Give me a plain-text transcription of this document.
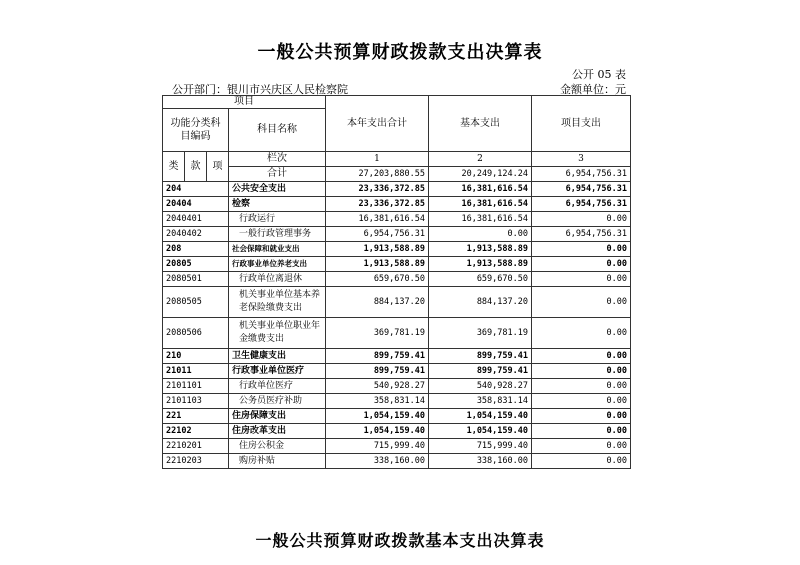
一般公共预算财政拨款支出决算表
公开 05 表
公开部门：银川市兴庆区人民检察院	金额单位：元
项目				本年支出合计	基本支出	项目支出
功能分类科目编码			科目名称			
类	款	项	栏次	1	2	3
			合计	27,203,880.55	20,249,124.24	6,954,756.31
204			公共安全支出	23,336,372.85	16,381,616.54	6,954,756.31
20404			检察	23,336,372.85	16,381,616.54	6,954,756.31
2040401			行政运行	16,381,616.54	16,381,616.54	0.00
2040402			一般行政管理事务	6,954,756.31	0.00	6,954,756.31
208			社会保障和就业支出	1,913,588.89	1,913,588.89	0.00
20805			行政事业单位养老支出	1,913,588.89	1,913,588.89	0.00
2080501			行政单位离退休	659,670.50	659,670.50	0.00
2080505			机关事业单位基本养老保险缴费支出	884,137.20	884,137.20	0.00
2080506			机关事业单位职业年金缴费支出	369,781.19	369,781.19	0.00
210			卫生健康支出	899,759.41	899,759.41	0.00
21011			行政事业单位医疗	899,759.41	899,759.41	0.00
2101101			行政单位医疗	540,928.27	540,928.27	0.00
2101103			公务员医疗补助	358,831.14	358,831.14	0.00
221			住房保障支出	1,054,159.40	1,054,159.40	0.00
22102			住房改革支出	1,054,159.40	1,054,159.40	0.00
2210201			住房公积金	715,999.40	715,999.40	0.00
2210203			购房补贴	338,160.00	338,160.00	0.00
一般公共预算财政拨款基本支出决算表
